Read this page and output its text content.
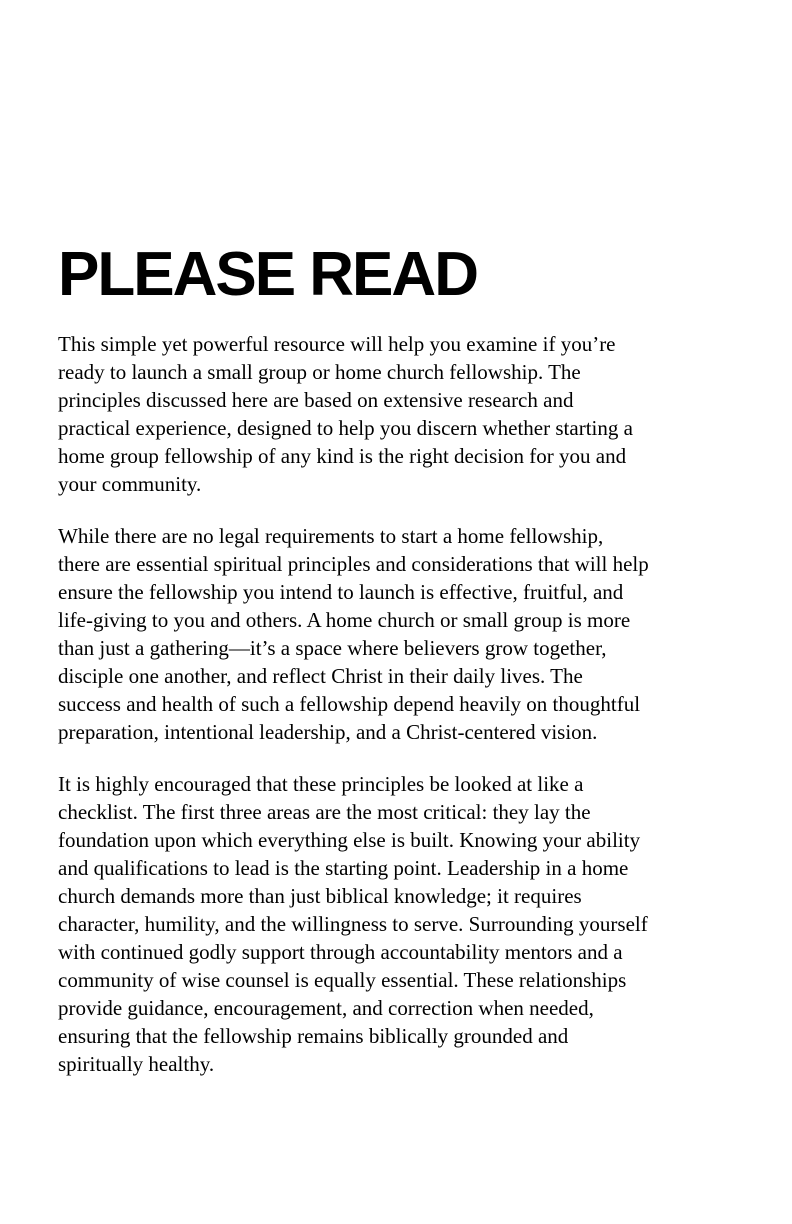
PLEASE READ

This simple yet powerful resource will help you examine if you’re
ready to launch a small group or home church fellowship. The
principles discussed here are based on extensive research and
practical experience, designed to help you discern whether starting a
home group fellowship of any kind is the right decision for you and
your community.

While there are no legal requirements to start a home fellowship,
there are essential spiritual principles and considerations that will help
ensure the fellowship you intend to launch is effective, fruitful, and
life-giving to you and others. A home church or small group is more
than just a gathering—it’s a space where believers grow together,
disciple one another, and reflect Christ in their daily lives. The
success and health of such a fellowship depend heavily on thoughtful
preparation, intentional leadership, and a Christ-centered vision.

It is highly encouraged that these principles be looked at like a
checklist. The first three areas are the most critical: they lay the
foundation upon which everything else is built. Knowing your ability
and qualifications to lead is the starting point. Leadership in a home
church demands more than just biblical knowledge; it requires
character, humility, and the willingness to serve. Surrounding yourself
with continued godly support through accountability mentors and a
community of wise counsel is equally essential. These relationships
provide guidance, encouragement, and correction when needed,
ensuring that the fellowship remains biblically grounded and
spiritually healthy.
